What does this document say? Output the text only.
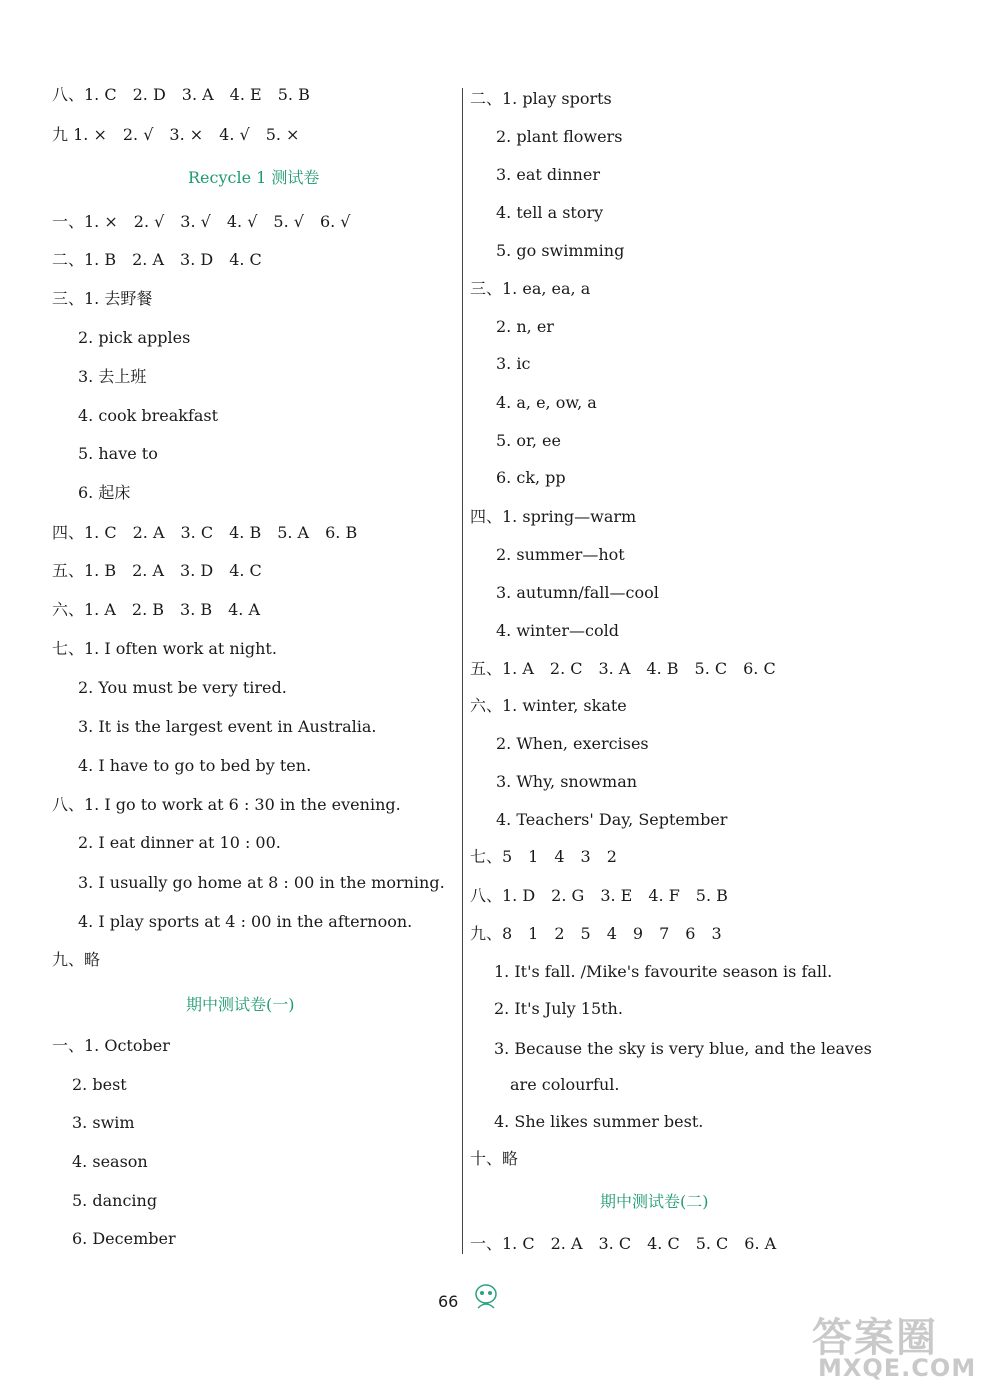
八、1. C　2. D　3. A　4. E　5. B
九 1. ×　2. √　3. ×　4. √　5. ×
Recycle 1 测试卷
一、1. ×　2. √　3. √　4. √　5. √　6. √
二、1. B　2. A　3. D　4. C
三、1. 去野餐
2. pick apples
3. 去上班
4. cook breakfast
5. have to
6. 起床
四、1. C　2. A　3. C　4. B　5. A　6. B
五、1. B　2. A　3. D　4. C
六、1. A　2. B　3. B　4. A
七、1. I often work at night.
2. You must be very tired.
3. It is the largest event in Australia.
4. I have to go to bed by ten.
八、1. I go to work at 6 : 30 in the evening.
2. I eat dinner at 10 : 00.
3. I usually go home at 8 : 00 in the morning.
4. I play sports at 4 : 00 in the afternoon.
九、略
期中测试卷(一)
一、1. October
2. best
3. swim
4. season
5. dancing
6. December
二、1. play sports
2. plant flowers
3. eat dinner
4. tell a story
5. go swimming
三、1. ea, ea, a
2. n, er
3. ic
4. a, e, ow, a
5. or, ee
6. ck, pp
四、1. spring—warm
2. summer—hot
3. autumn/fall—cool
4. winter—cold
五、1. A　2. C　3. A　4. B　5. C　6. C
六、1. winter, skate
2. When, exercises
3. Why, snowman
4. Teachers' Day, September
七、5　1　4　3　2
八、1. D　2. G　3. E　4. F　5. B
九、8　1　2　5　4　9　7　6　3
1. It's fall. /Mike's favourite season is fall.
2. It's July 15th.
3. Because the sky is very blue, and the leaves
are colourful.
4. She likes summer best.
十、略
期中测试卷(二)
一、1. C　2. A　3. C　4. C　5. C　6. A
66
答案圈
MXQE.COM
